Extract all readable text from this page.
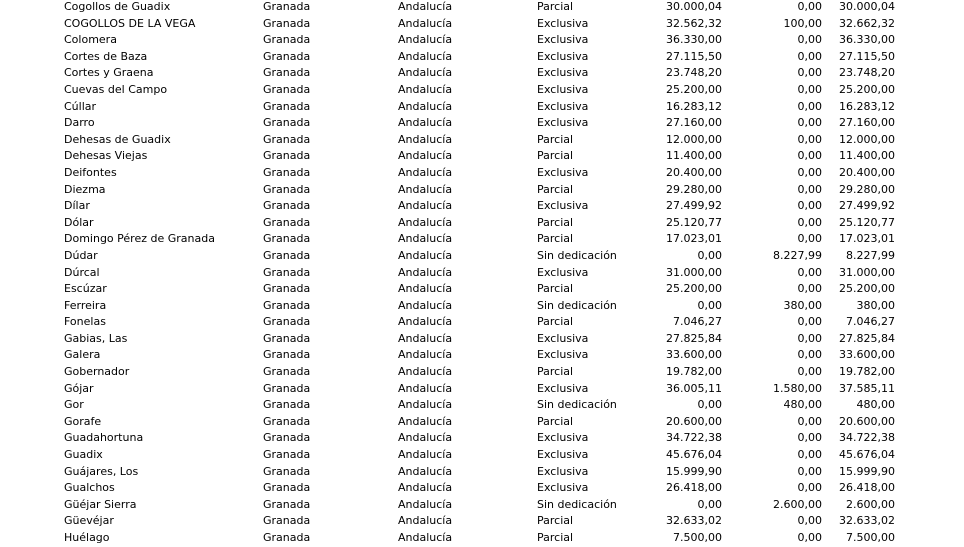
Cogollos de Guadix	Granada	Andalucía	Parcial	30.000,04	0,00 30.000,04
COGOLLOS DE LA VEGA	Granada	Andalucía	Exclusiva	32.562,32	100,00 32.662,32
Colomera	Granada	Andalucía	Exclusiva	36.330,00	0,00 36.330,00
Cortes de Baza	Granada	Andalucía	Exclusiva	27.115,50	0,00 27.115,50
Cortes y Graena	Granada	Andalucía	Exclusiva	23.748,20	0,00 23.748,20
Cuevas del Campo	Granada	Andalucía	Exclusiva	25.200,00	0,00 25.200,00
Cúllar	Granada	Andalucía	Exclusiva	16.283,12	0,00 16.283,12
Darro	Granada	Andalucía	Exclusiva	27.160,00	0,00 27.160,00
Dehesas de Guadix	Granada	Andalucía	Parcial	12.000,00	0,00 12.000,00
Dehesas Viejas	Granada	Andalucía	Parcial	11.400,00	0,00 11.400,00
Deifontes	Granada	Andalucía	Exclusiva	20.400,00	0,00 20.400,00
Diezma	Granada	Andalucía	Parcial	29.280,00	0,00 29.280,00
Dílar	Granada	Andalucía	Exclusiva	27.499,92	0,00 27.499,92
Dólar	Granada	Andalucía	Parcial	25.120,77	0,00 25.120,77
Domingo Pérez de Granada	Granada	Andalucía	Parcial	17.023,01	0,00 17.023,01
Dúdar	Granada	Andalucía	Sin dedicación	0,00	8.227,99 8.227,99
Dúrcal	Granada	Andalucía	Exclusiva	31.000,00	0,00 31.000,00
Escúzar	Granada	Andalucía	Parcial	25.200,00	0,00 25.200,00
Ferreira	Granada	Andalucía	Sin dedicación	0,00	380,00	380,00
Fonelas	Granada	Andalucía	Parcial	7.046,27	0,00 7.046,27
Gabias, Las	Granada	Andalucía	Exclusiva	27.825,84	0,00 27.825,84
Galera	Granada	Andalucía	Exclusiva	33.600,00	0,00 33.600,00
Gobernador	Granada	Andalucía	Parcial	19.782,00	0,00 19.782,00
Gójar	Granada	Andalucía	Exclusiva	36.005,11	1.580,00 37.585,11
Gor	Granada	Andalucía	Sin dedicación	0,00	480,00	480,00
Gorafe	Granada	Andalucía	Parcial	20.600,00	0,00 20.600,00
Guadahortuna	Granada	Andalucía	Exclusiva	34.722,38	0,00 34.722,38
Guadix	Granada	Andalucía	Exclusiva	45.676,04	0,00 45.676,04
Guájares, Los	Granada	Andalucía	Exclusiva	15.999,90	0,00 15.999,90
Gualchos	Granada	Andalucía	Exclusiva	26.418,00	0,00 26.418,00
Güéjar Sierra	Granada	Andalucía	Sin dedicación	0,00	2.600,00 2.600,00
Güevéjar	Granada	Andalucía	Parcial	32.633,02	0,00 32.633,02
Huélago	Granada	Andalucía	Parcial	7.500,00	0,00 7.500,00
